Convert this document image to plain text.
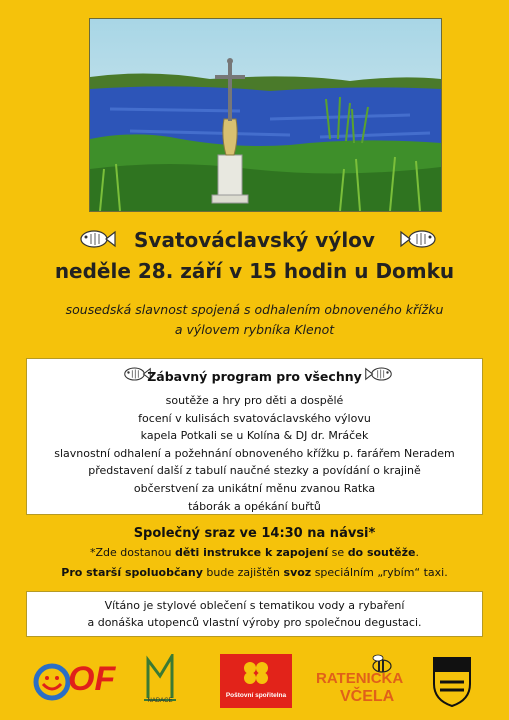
Svatováclavský výlov
neděle 28. září v 15 hodin u Domku
sousedská slavnost spojená s odhalením obnoveného křížku
a výlovem rybníka Klenot
Zábavný program pro všechny
soutěže a hry pro děti a dospělé
focení v kulisách svatováclavského výlovu
kapela Potkali se u Kolína & DJ dr. Mráček
slavnostní odhalení a požehnání obnoveného křížku p. farářem Neradem
představení další z tabulí naučné stezky a povídání o krajině
občerstvení za unikátní měnu zvanou Ratka
táborák a opékání buřtů
Společný sraz ve 14:30 na návsi*
*Zde dostanou děti instrukce k zapojení se do soutěže.
Pro starší spoluobčany bude zajištěn svoz speciálním „rybím“ taxi.
Vítáno je stylové oblečení s tematikou vody a rybaření
a donáška utopenců vlastní výroby pro společnou degustaci.
OF
NADACE
Poštovní spořitelna
RATENICKA
VČELA
